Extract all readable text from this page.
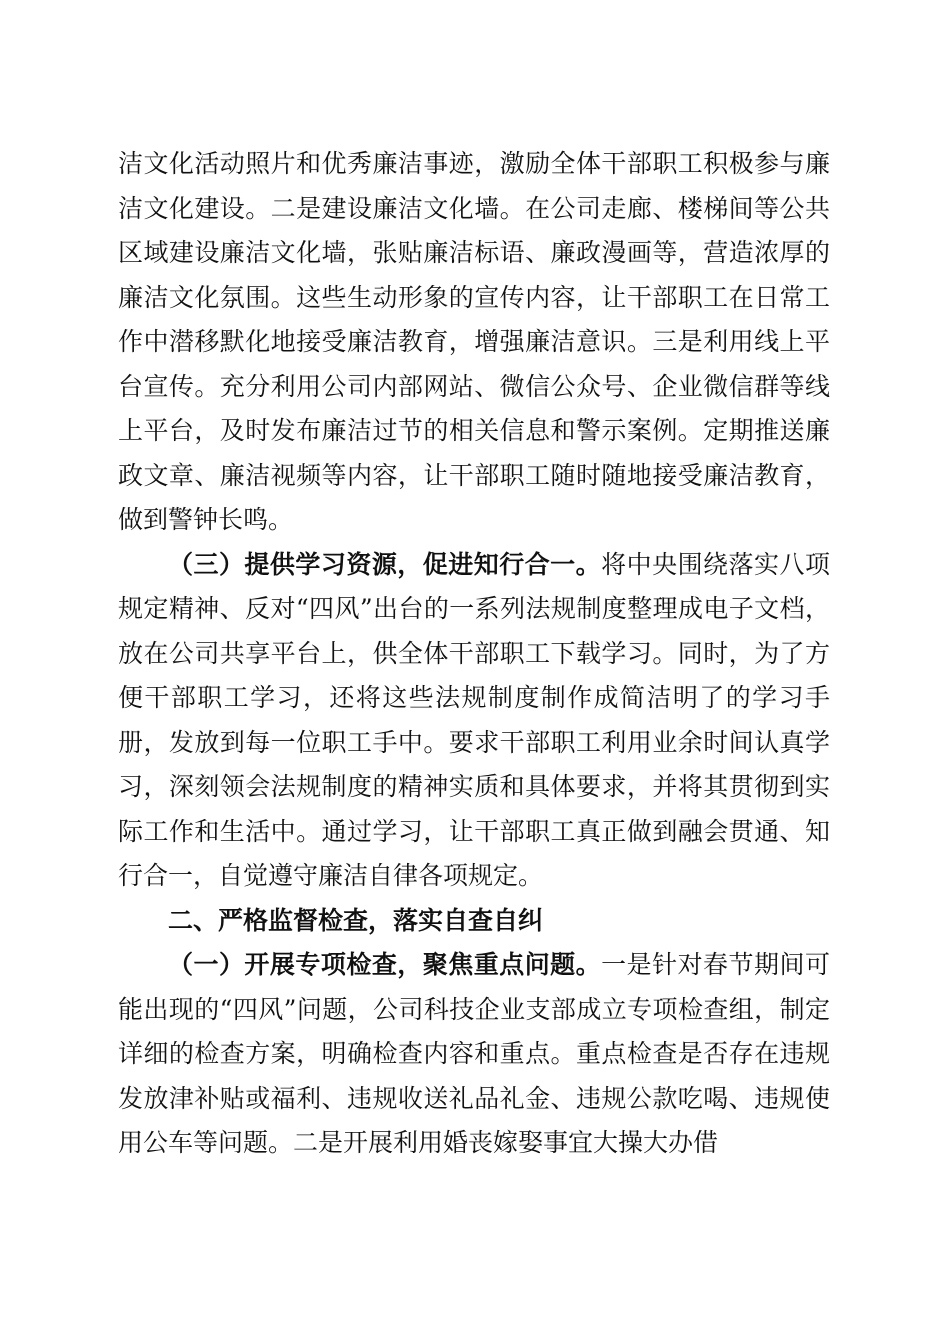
洁文化活动照片和优秀廉洁事迹，激励全体干部职工积极参与廉洁文化建设。二是建设廉洁文化墙。在公司走廊、楼梯间等公共区域建设廉洁文化墙，张贴廉洁标语、廉政漫画等，营造浓厚的廉洁文化氛围。这些生动形象的宣传内容，让干部职工在日常工作中潜移默化地接受廉洁教育，增强廉洁意识。三是利用线上平台宣传。充分利用公司内部网站、微信公众号、企业微信群等线上平台，及时发布廉洁过节的相关信息和警示案例。定期推送廉政文章、廉洁视频等内容，让干部职工随时随地接受廉洁教育，做到警钟长鸣。

（三）提供学习资源，促进知行合一。将中央围绕落实八项规定精神、反对“四风”出台的一系列法规制度整理成电子文档，放在公司共享平台上，供全体干部职工下载学习。同时，为了方便干部职工学习，还将这些法规制度制作成简洁明了的学习手册，发放到每一位职工手中。要求干部职工利用业余时间认真学习，深刻领会法规制度的精神实质和具体要求，并将其贯彻到实际工作和生活中。通过学习，让干部职工真正做到融会贯通、知行合一，自觉遵守廉洁自律各项规定。

二、严格监督检查，落实自查自纠

（一）开展专项检查，聚焦重点问题。一是针对春节期间可能出现的“四风”问题，公司科技企业支部成立专项检查组，制定详细的检查方案，明确检查内容和重点。重点检查是否存在违规发放津补贴或福利、违规收送礼品礼金、违规公款吃喝、违规使用公车等问题。二是开展利用婚丧嫁娶事宜大操大办借
